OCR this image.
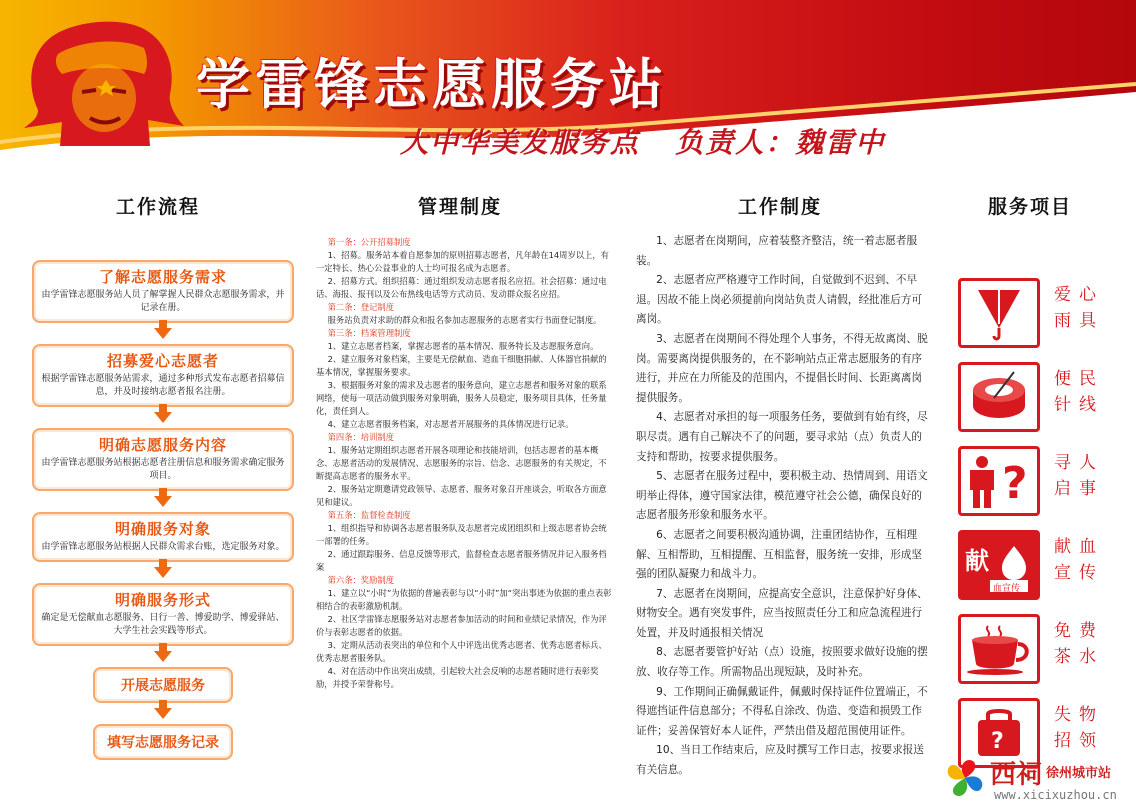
学雷锋志愿服务站
大中华美发服务点   负责人：魏雷中
工作流程	管理制度	工作制度	服务项目
了解志愿服务需求
由学雷锋志愿服务站人员了解掌握人民群众志愿服务需求，并记录在册。
招募爱心志愿者
根据学雷锋志愿服务站需求，通过多种形式发布志愿者招募信息，并及时接纳志愿者报名注册。
明确志愿服务内容
由学雷锋志愿服务站根据志愿者注册信息和服务需求确定服务项目。
明确服务对象
由学雷锋志愿服务站根据人民群众需求台账，选定服务对象。
明确服务形式
确定是无偿献血志愿服务、日行一善、博爱助学、博爱驿站、大学生社会实践等形式。
开展志愿服务
填写志愿服务记录

第一条：公开招募制度

1、招募。服务站本着自愿参加的原则招募志愿者，凡年龄在14周岁以上，有一定特长、热心公益事业的人士均可报名成为志愿者。

2、招募方式。组织招募：通过组织发动志愿者报名应招。社会招募：通过电话、海报、报刊以及公布热线电话等方式动员、发动群众报名应招。

第二条：登记制度

服务站负责对求助的群众和报名参加志愿服务的志愿者实行书面登记制度。

第三条：档案管理制度

1、建立志愿者档案，掌握志愿者的基本情况、服务特长及志愿服务意向。

2、建立服务对象档案，主要是无偿献血、造血干细胞捐献、人体器官捐献的基本情况，掌握服务要求。

3、根据服务对象的需求及志愿者的服务意向，建立志愿者和服务对象的联系网络，使每一项活动做到服务对象明确，服务人员稳定，服务项目具体，任务量化，责任到人。

4、建立志愿者服务档案，对志愿者开展服务的具体情况进行记录。

第四条：培训制度

1、服务站定期组织志愿者开展各项理论和技能培训，包括志愿者的基本概念、志愿者活动的发展情况、志愿服务的宗旨、信念、志愿服务的有关规定，不断提高志愿者的服务水平。

2、服务站定期邀请党政领导、志愿者、服务对象召开座谈会，听取各方面意见和建议。

第五条：监督检查制度

1、组织指导和协调各志愿者服务队及志愿者完成团组织和上级志愿者协会统一部署的任务。

2、通过跟踪服务、信息反馈等形式，监督检查志愿者服务情况并记入服务档案

第六条：奖励制度

1、建立以“小时”为依据的普遍表彰与以“小时”加“突出事迹为依据的重点表彰相结合的表彰激励机制。

2、社区学雷锋志愿服务站对志愿者参加活动的时间和业绩记录情况，作为评价与表彰志愿者的依据。

3、定期从活动表突出的单位和个人中评选出优秀志愿者、优秀志愿者标兵、优秀志愿者服务队。

4、对在活动中作出突出成绩，引起较大社会反响的志愿者随时进行表彰奖励，并授予荣誉称号。

1、志愿者在岗期间，应着装整齐整洁，统一着志愿者服装。

2、志愿者应严格遵守工作时间，自觉做到不迟到、不早退。因故不能上岗必须提前向岗站负责人请假，经批准后方可离岗。

3、志愿者在岗期间不得处理个人事务，不得无故离岗、脱岗。需要离岗提供服务的，在不影响站点正常志愿服务的有序进行，并应在力所能及的范围内，不提倡长时间、长距离离岗提供服务。

4、志愿者对承担的每一项服务任务，要做到有始有终，尽职尽责。遇有自己解决不了的问题，要寻求站（点）负责人的支持和帮助，按要求提供服务。

5、志愿者在服务过程中，要积极主动、热情周到、用语文明举止得体，遵守国家法律，模范遵守社会公德，确保良好的志愿者服务形象和服务水平。

6、志愿者之间要积极沟通协调，注重团结协作，互相理解、互相帮助，互相提醒、互相监督，服务统一安排，形成坚强的团队凝聚力和战斗力。

7、志愿者在岗期间，应提高安全意识，注意保护好身体、财物安全。遇有突发事件，应当按照责任分工和应急流程进行处置，并及时通报相关情况

8、志愿者要管护好站（点）设施，按照要求做好设施的摆放、收存等工作。所需物品出现短缺，及时补充。

9、工作期间正确佩戴证件，佩戴时保持证件位置端正，不得遮挡证件信息部分；不得私自涂改、伪造、变造和损毁工作证件；妥善保管好本人证件，严禁出借及超范围使用证件。

10、当日工作结束后，应及时撰写工作日志，按要求报送有关信息。

爱心雨具
便民针线
? 寻人启事
献
血宣传
献血宣传
免费茶水
?
失物招领
西祠 徐州城市站
www.xicixuzhou.cn
